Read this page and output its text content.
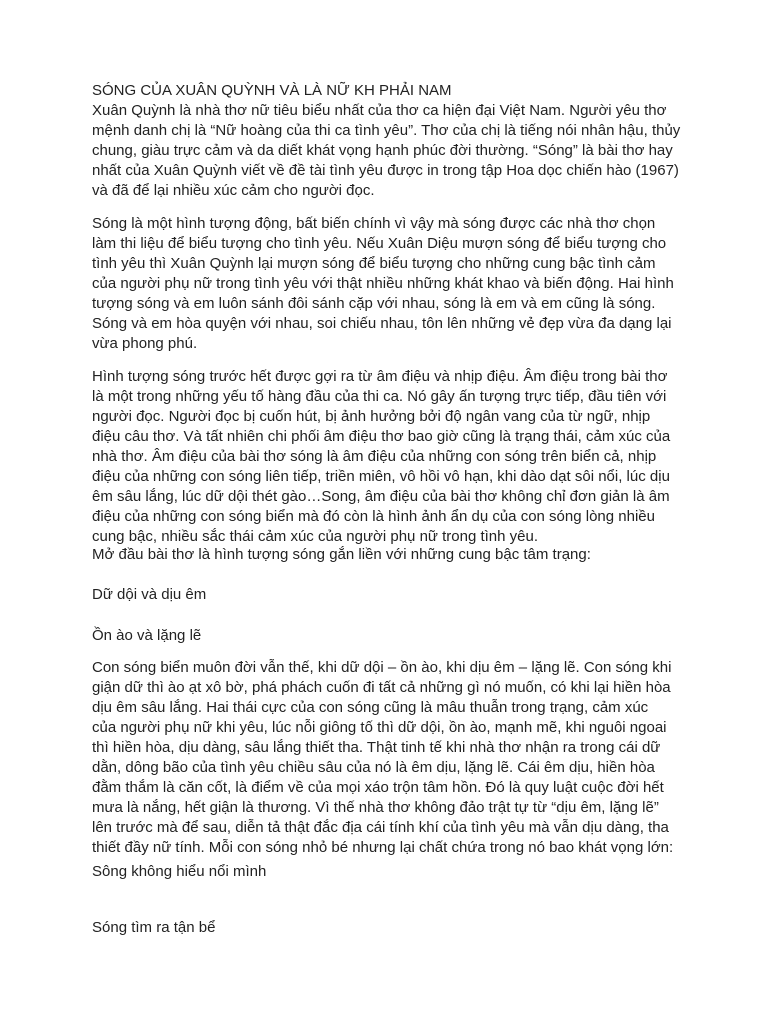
SÓNG CỦA XUÂN QUỲNH VÀ LÀ NỮ KH PHẢI NAM

Xuân Quỳnh là nhà thơ nữ tiêu biểu nhất của thơ ca hiện đại Việt Nam. Người yêu thơ
mệnh danh chị là “Nữ hoàng của thi ca tình yêu”. Thơ của chị là tiếng nói nhân hậu, thủy
chung, giàu trực cảm và da diết khát vọng hạnh phúc đời thường. “Sóng” là bài thơ hay
nhất của Xuân Quỳnh viết về đề tài tình yêu được in trong tập Hoa dọc chiến hào (1967)
và đã để lại nhiều xúc cảm cho người đọc.

Sóng là một hình tượng động, bất biến chính vì vậy mà sóng được các nhà thơ chọn
làm thi liệu để biểu tượng cho tình yêu. Nếu Xuân Diệu mượn sóng để biểu tượng cho
tình yêu thì Xuân Quỳnh lại mượn sóng để biểu tượng cho những cung bậc tình cảm
của người phụ nữ trong tình yêu với thật nhiều những khát khao và biến động. Hai hình
tượng sóng và em luôn sánh đôi sánh cặp với nhau, sóng là em và em cũng là sóng.
Sóng và em hòa quyện với nhau, soi chiếu nhau, tôn lên những vẻ đẹp vừa đa dạng lại
vừa phong phú.

Hình tượng sóng trước hết được gợi ra từ âm điệu và nhịp điệu. Âm điệu trong bài thơ
là một trong những yếu tố hàng đầu của thi ca. Nó gây ấn tượng trực tiếp, đầu tiên với
người đọc. Người đọc bị cuốn hút, bị ảnh hưởng bởi độ ngân vang của từ ngữ, nhịp
điệu câu thơ. Và tất nhiên chi phối âm điệu thơ bao giờ cũng là trạng thái, cảm xúc của
nhà thơ. Âm điệu của bài thơ sóng là âm điệu của những con sóng trên biển cả, nhịp
điệu của những con sóng liên tiếp, triền miên, vô hồi vô hạn, khi dào dạt sôi nổi, lúc dịu
êm sâu lắng, lúc dữ dội thét gào…Song, âm điệu của bài thơ không chỉ đơn giản là âm
điệu của những con sóng biển mà đó còn là hình ảnh ẩn dụ của con sóng lòng nhiều
cung bậc, nhiều sắc thái cảm xúc của người phụ nữ trong tình yêu.

Mở đầu bài thơ là hình tượng sóng gắn liền với những cung bậc tâm trạng:

Dữ dội và dịu êm

Ồn ào và lặng lẽ

Con sóng biển muôn đời vẫn thế, khi dữ dội – ồn ào, khi dịu êm – lặng lẽ. Con sóng khi
giận dữ thì ào ạt xô bờ, phá phách cuốn đi tất cả những gì nó muốn, có khi lại hiền hòa
dịu êm sâu lắng. Hai thái cực của con sóng cũng là mâu thuẫn trong trạng, cảm xúc
của người phụ nữ khi yêu, lúc nỗi giông tố thì dữ dội, ồn ào, mạnh mẽ, khi nguôi ngoai
thì hiền hòa, dịu dàng, sâu lắng thiết tha. Thật tinh tế khi nhà thơ nhận ra trong cái dữ
dằn, dông bão của tình yêu chiều sâu của nó là êm dịu, lặng lẽ. Cái êm dịu, hiền hòa
đằm thắm là căn cốt, là điểm về của mọi xáo trộn tâm hồn. Đó là quy luật cuộc đời hết
mưa là nắng, hết giận là thương. Vì thế nhà thơ không đảo trật tự từ “dịu êm, lặng lẽ”
lên trước mà để sau, diễn tả thật đắc địa cái tính khí của tình yêu mà vẫn dịu dàng, tha
thiết đầy nữ tính. Mỗi con sóng nhỏ bé nhưng lại chất chứa trong nó bao khát vọng lớn:

Sông không hiểu nổi mình

Sóng tìm ra tận bể
